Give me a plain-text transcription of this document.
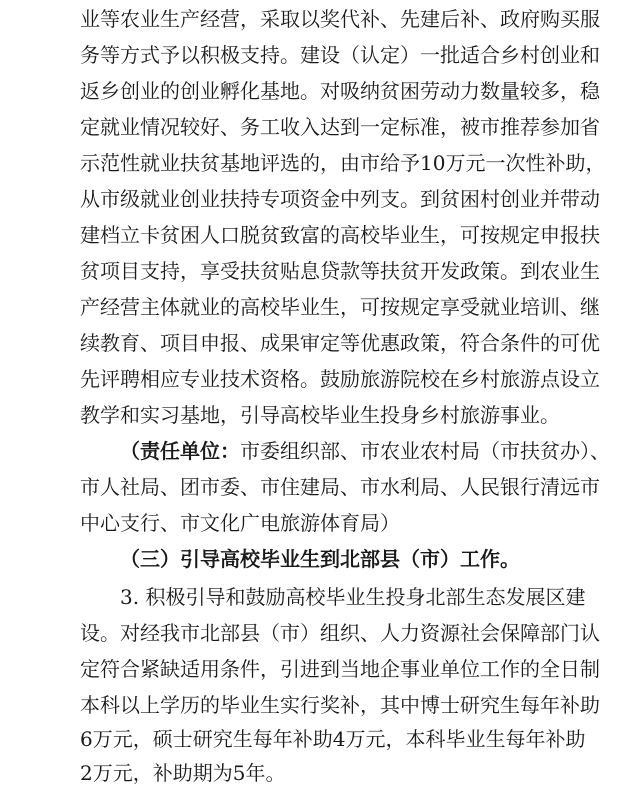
业等农业生产经营，采取以奖代补、先建后补、政府购买服
务等方式予以积极支持。建设（认定）一批适合乡村创业和
返乡创业的创业孵化基地。对吸纳贫困劳动力数量较多，稳
定就业情况较好、务工收入达到一定标准，被市推荐参加省
示范性就业扶贫基地评选的，由市给予10万元一次性补助，
从市级就业创业扶持专项资金中列支。到贫困村创业并带动
建档立卡贫困人口脱贫致富的高校毕业生，可按规定申报扶
贫项目支持，享受扶贫贴息贷款等扶贫开发政策。到农业生
产经营主体就业的高校毕业生，可按规定享受就业培训、继
续教育、项目申报、成果审定等优惠政策，符合条件的可优
先评聘相应专业技术资格。鼓励旅游院校在乡村旅游点设立
教学和实习基地，引导高校毕业生投身乡村旅游事业。
（责任单位：市委组织部、市农业农村局（市扶贫办）、
市人社局、团市委、市住建局、市水利局、人民银行清远市
中心支行、市文化广电旅游体育局）
（三）引导高校毕业生到北部县（市）工作。
3. 积极引导和鼓励高校毕业生投身北部生态发展区建
设。对经我市北部县（市）组织、人力资源社会保障部门认
定符合紧缺适用条件，引进到当地企事业单位工作的全日制
本科以上学历的毕业生实行奖补，其中博士研究生每年补助
6万元，硕士研究生每年补助4万元，本科毕业生每年补助
2万元，补助期为5年。
